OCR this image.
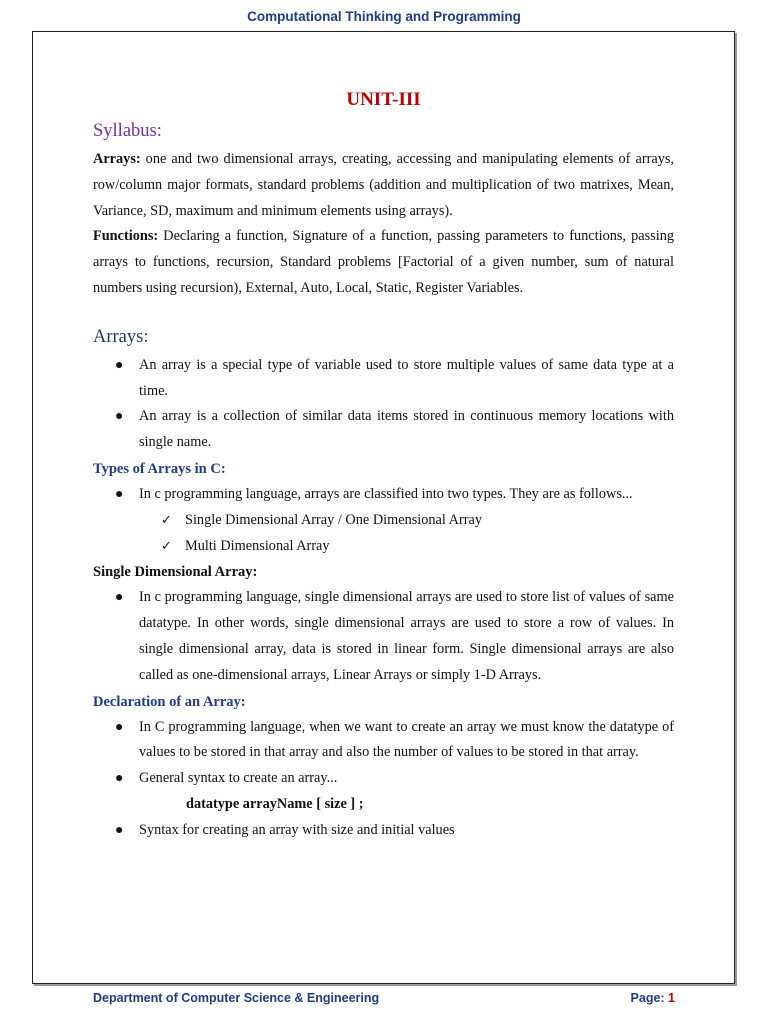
Computational Thinking and Programming
UNIT-III
Syllabus:

Arrays: one and two dimensional arrays, creating, accessing and manipulating elements of arrays, row/column major formats, standard problems (addition and multiplication of two matrixes, Mean, Variance, SD, maximum and minimum elements using arrays).

Functions: Declaring a function, Signature of a function, passing parameters to functions, passing arrays to functions, recursion, Standard problems [Factorial of a given number, sum of natural numbers using recursion), External, Auto, Local, Static, Register Variables.

Arrays:
● An array is a special type of variable used to store multiple values of same data type at a time.
● An array is a collection of similar data items stored in continuous memory locations with single name.
Types of Arrays in C:
● In c programming language, arrays are classified into two types. They are as follows...
✓ Single Dimensional Array / One Dimensional Array
✓ Multi Dimensional Array
Single Dimensional Array:
● In c programming language, single dimensional arrays are used to store list of values of same datatype. In other words, single dimensional arrays are used to store a row of values. In single dimensional array, data is stored in linear form. Single dimensional arrays are also called as one-dimensional arrays, Linear Arrays or simply 1-D Arrays.
Declaration of an Array:
● In C programming language, when we want to create an array we must know the datatype of values to be stored in that array and also the number of values to be stored in that array.
● General syntax to create an array...
datatype arrayName [ size ] ;
● Syntax for creating an array with size and initial values
Department of Computer Science & Engineering	Page: 1
